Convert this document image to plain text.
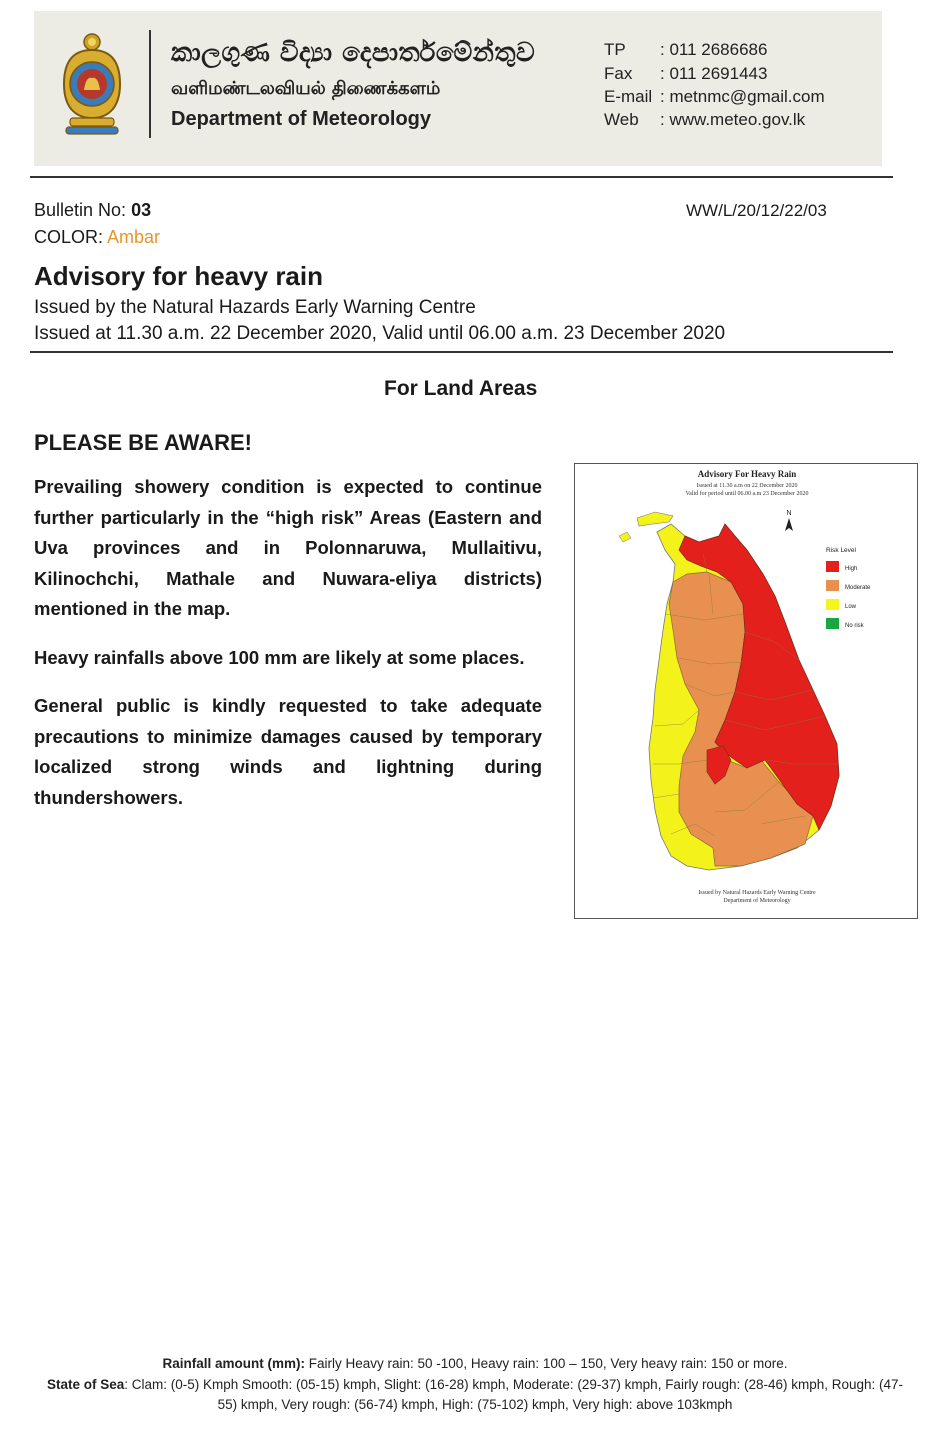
කාලගුණ විද්‍යා දෙපාර්තමේන්තුව
வளிமண்டலவியல் திணைக்களம்
Department of Meteorology
TP : 011 2686686
Fax : 011 2691443
E-mail : metnmc@gmail.com
Web : www.meteo.gov.lk
Bulletin No: 03	WW/L/20/12/22/03
COLOR: Ambar
Advisory for heavy rain
Issued by the Natural Hazards Early Warning Centre
Issued at 11.30 a.m. 22 December 2020, Valid until 06.00 a.m. 23 December 2020
For Land Areas
PLEASE BE AWARE!
Prevailing showery condition is expected to continue further particularly in the “high risk” Areas (Eastern and Uva provinces and in Polonnaruwa, Mullaitivu, Kilinochchi, Mathale and Nuwara-eliya districts) mentioned in the map.
Heavy rainfalls above 100 mm are likely at some places.
General public is kindly requested to take adequate precautions to minimize damages caused by temporary localized strong winds and lightning during thundershowers.
Advisory For Heavy Rain
Issued at 11.30 a.m on 22 December 2020
Valid for period until 06.00 a.m 23 December 2020
N
Risk Level
High
Moderate
Low
No risk
Issued by Natural Hazards Early Warning Centre
Department of Meteorology
Rainfall amount (mm): Fairly Heavy rain: 50 -100, Heavy rain: 100 – 150, Very heavy rain: 150 or more.
State of Sea: Clam: (0-5) Kmph Smooth: (05-15) kmph, Slight: (16-28) kmph, Moderate: (29-37) kmph, Fairly rough: (28-46) kmph, Rough: (47-55) kmph, Very rough: (56-74) kmph, High: (75-102) kmph, Very high: above 103kmph
